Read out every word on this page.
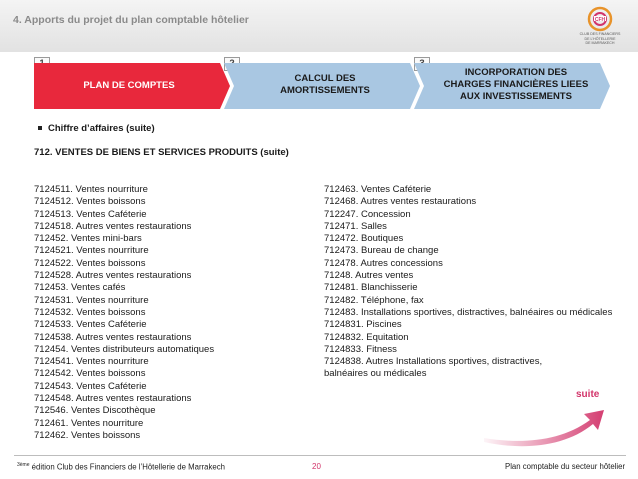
4. Apports du projet du plan comptable hôtelier	CFH
CLUB DES FINANCIERS
DE L'HÔTELLERIE
DE MARRAKECH
PLAN DE COMPTES
CALCUL DES
AMORTISSEMENTS
INCORPORATION DES
CHARGES FINANCIÈRES LIEES
AUX INVESTISSEMENTS
Chiffre d’affaires (suite)
712. VENTES DE BIENS ET SERVICES PRODUITS (suite)
7124511. Ventes nourriture
7124512. Ventes boissons
7124513. Ventes Caféterie
7124518. Autres ventes restaurations
712452. Ventes mini-bars
7124521. Ventes nourriture
7124522. Ventes boissons
7124528. Autres ventes restaurations
712453. Ventes cafés
7124531. Ventes nourriture
7124532. Ventes boissons
7124533. Ventes Caféterie
7124538. Autres ventes restaurations
712454. Ventes distributeurs automatiques
7124541. Ventes nourriture
7124542. Ventes boissons
7124543. Ventes Caféterie
7124548. Autres ventes restaurations
712546. Ventes Discothèque
712461. Ventes nourriture
712462. Ventes boissons
712463. Ventes Caféterie
712468. Autres ventes restaurations
712247. Concession
712471. Salles
712472. Boutiques
712473. Bureau de change
712478. Autres concessions
71248. Autres ventes
712481. Blanchisserie
712482. Téléphone, fax
712483. Installations sportives, distractives, balnéaires ou médicales
7124831. Piscines
7124832. Equitation
7124833. Fitness
7124838. Autres Installations sportives, distractives, balnéaires ou médicales
suite
$^{3ème}$ édition Club des Financiers de l’Hôtellerie de Marrakech	20	Plan comptable du secteur hôtelier
